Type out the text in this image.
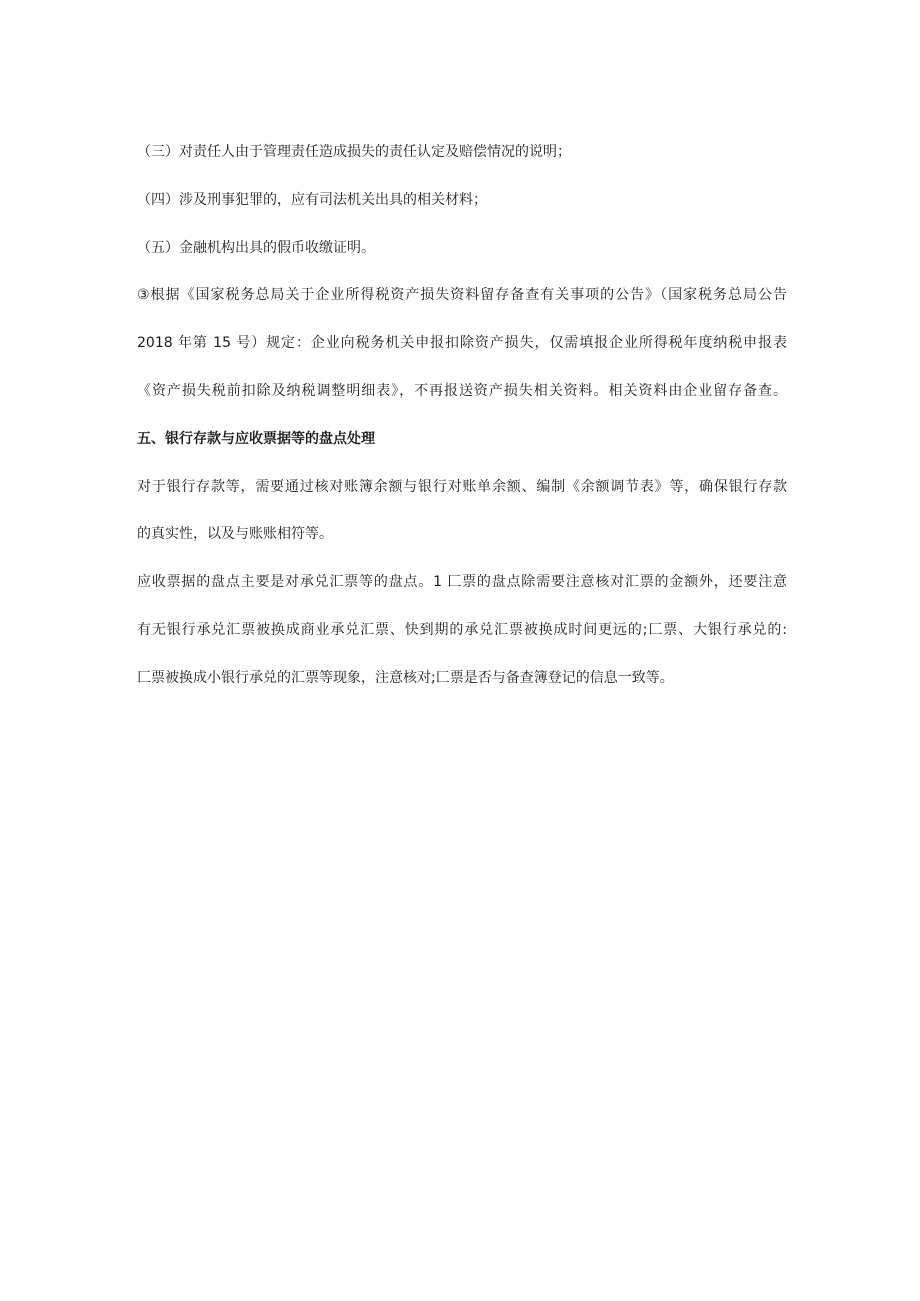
（三）对责任人由于管理责任造成损失的责任认定及赔偿情况的说明；
（四）涉及刑事犯罪的，应有司法机关出具的相关材料；
（五）金融机构出具的假币收缴证明。
③根据《国家税务总局关于企业所得税资产损失资料留存备查有关事项的公告》（国家税务总局公告
2018 年第 15 号）规定：企业向税务机关申报扣除资产损失，仅需填报企业所得税年度纳税申报表
《资产损失税前扣除及纳税调整明细表》，不再报送资产损失相关资料。相关资料由企业留存备查。
五、银行存款与应收票据等的盘点处理
对于银行存款等，需要通过核对账簿余额与银行对账单余额、编制《余额调节表》等，确保银行存款
的真实性，以及与账账相符等。
应收票据的盘点主要是对承兑汇票等的盘点。1 匚票的盘点除需要注意核对汇票的金额外，还要注意
有无银行承兑汇票被换成商业承兑汇票、快到期的承兑汇票被换成时间更远的;匚票、大银行承兑的:
匚票被换成小银行承兑的汇票等现象，注意核对;匚票是否与备查簿登记的信息一致等。
